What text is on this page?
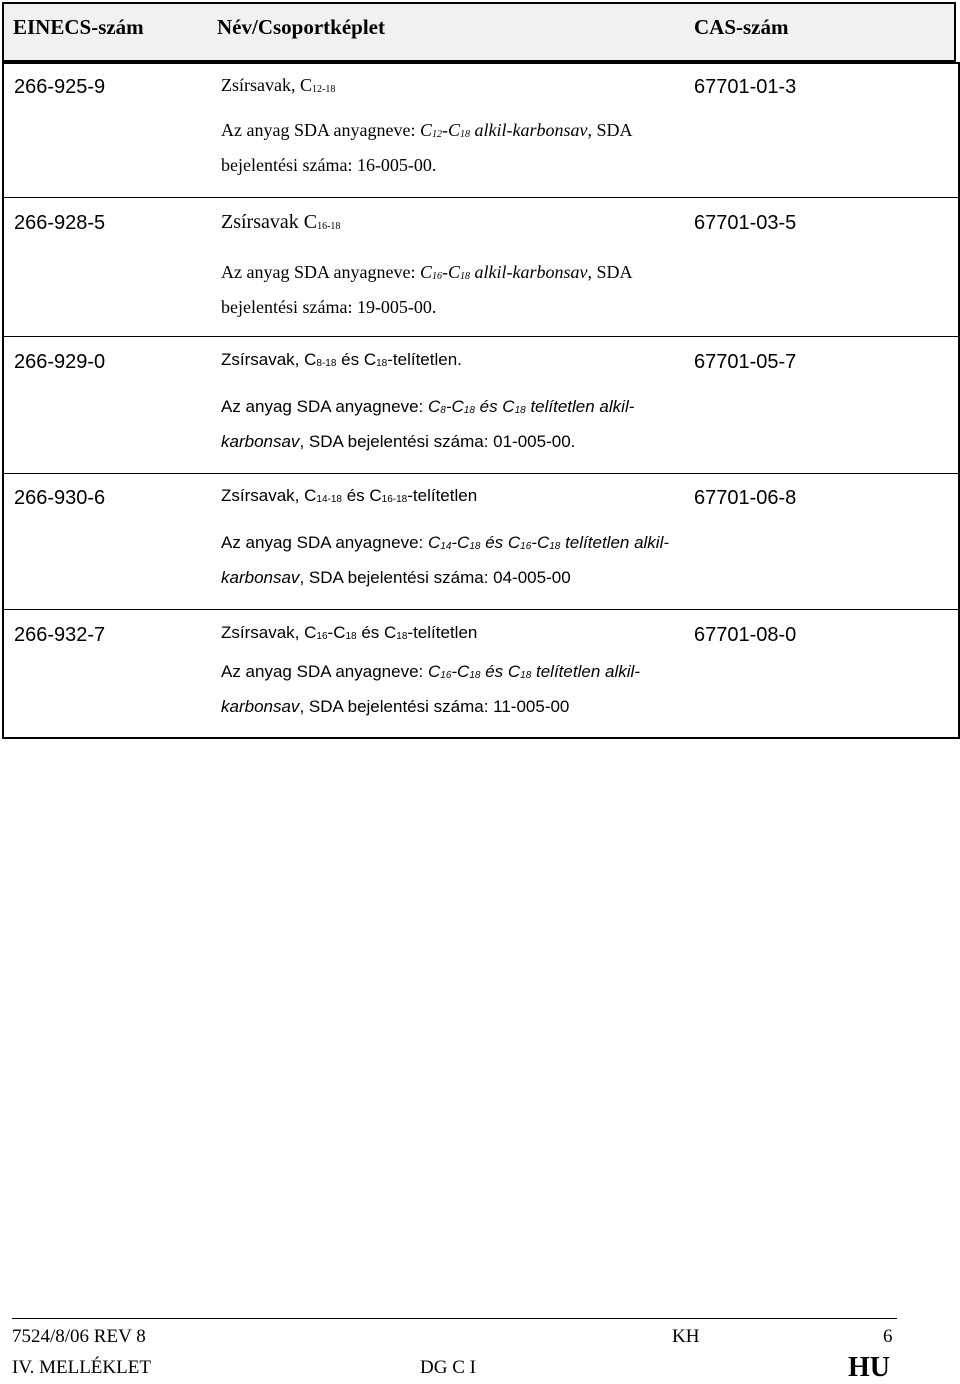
EINECS-szám	Név/Csoportképlet	CAS-szám
266-925-9	Zsírsavak, $C_{12-18}$	67701-01-3
Az anyag SDA anyagneve: $C_{12}-C_{18}$ alkil-karbonsav, SDA
bejelentési száma: 16-005-00.
266-928-5	Zsírsavak $C_{16-18}$	67701-03-5
Az anyag SDA anyagneve: $C_{16}-C_{18}$ alkil-karbonsav, SDA
bejelentési száma: 19-005-00.
266-929-0	Zsírsavak, $C_{8-18}$ és $C_{18}$-telítetlen.	67701-05-7
Az anyag SDA anyagneve: $C_8-C_{18}$ és $C_{18}$ telítetlen alkil-
karbonsav, SDA bejelentési száma: 01-005-00.
266-930-6	Zsírsavak, $C_{14-18}$ és $C_{16-18}$-telítetlen	67701-06-8
Az anyag SDA anyagneve: $C_{14}-C_{18}$ és $C_{16}-C_{18}$ telítetlen alkil-
karbonsav, SDA bejelentési száma: 04-005-00
266-932-7	Zsírsavak, $C_{16}-C_{18}$ és $C_{18}$-telítetlen	67701-08-0
Az anyag SDA anyagneve: $C_{16}-C_{18}$ és $C_{18}$ telítetlen alkil-
karbonsav, SDA bejelentési száma: 11-005-00
7524/8/06 REV 8	KH	6
IV. MELLÉKLET	DG C I	HU
